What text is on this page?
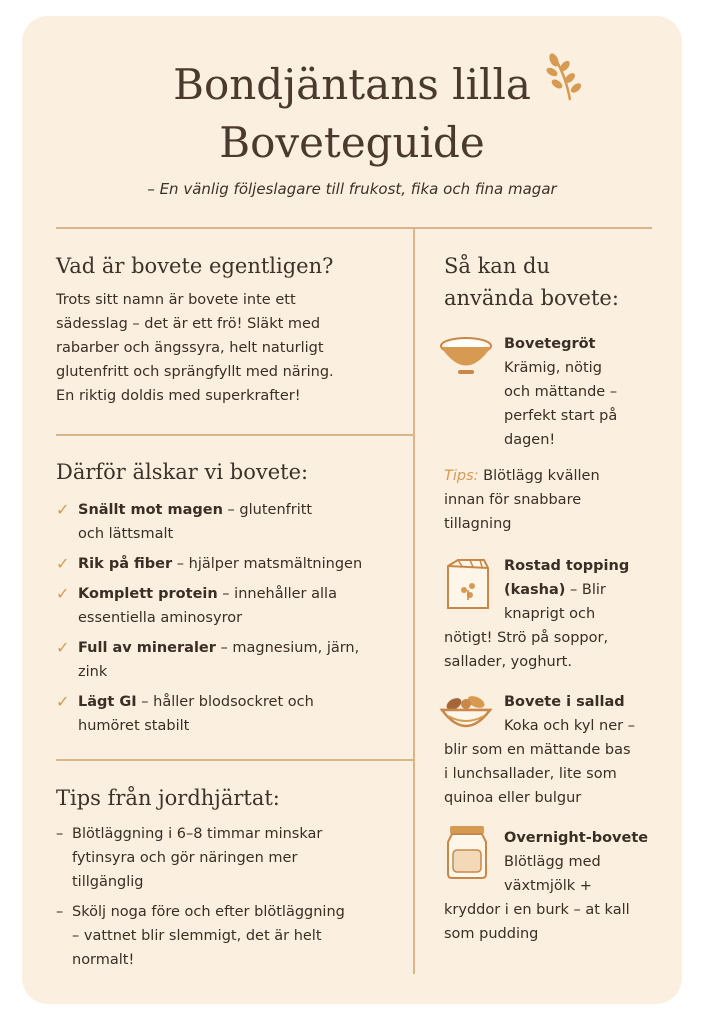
Bondjäntans lilla
Boveteguide
– En vänlig följeslagare till frukost, fika och fina magar
Vad är bovete egentligen?

Trots sitt namn är bovete inte ett

sädesslag – det är ett frö! Släkt med

rabarber och ängssyra, helt naturligt

glutenfritt och sprängfyllt med näring.

En riktig doldis med superkrafter!

Därför älskar vi bovete:
✓ Snällt mot magen – glutenfritt
och lättsmalt
✓ Rik på fiber – hjälper matsmältningen
✓ Komplett protein – innehåller alla
essentiella aminosyror
✓ Full av mineraler – magnesium, järn,
zink
✓ Lägt GI – håller blodsockret och
humöret stabilt
Tips från jordhjärtat:
– Blötläggning i 6–8 timmar minskar
fytinsyra och gör näringen mer
tillgänglig
– Skölj noga före och efter blötläggning
– vattnet blir slemmigt, det är helt
normalt!
Så kan du
använda bovete:

Bovetegröt

Krämig, nötig

och mättande –

perfekt start på

dagen!

Tips: Blötlägg kvällen

innan för snabbare

tillagning

Rostad topping

(kasha) – Blir

knaprigt och

nötigt! Strö på soppor,

sallader, yoghurt.

Bovete i sallad

Koka och kyl ner –

blir som en mättande bas

i lunchsallader, lite som

quinoa eller bulgur

Overnight-bovete

Blötlägg med

växtmjölk +

kryddor i en burk – at kall

som pudding
